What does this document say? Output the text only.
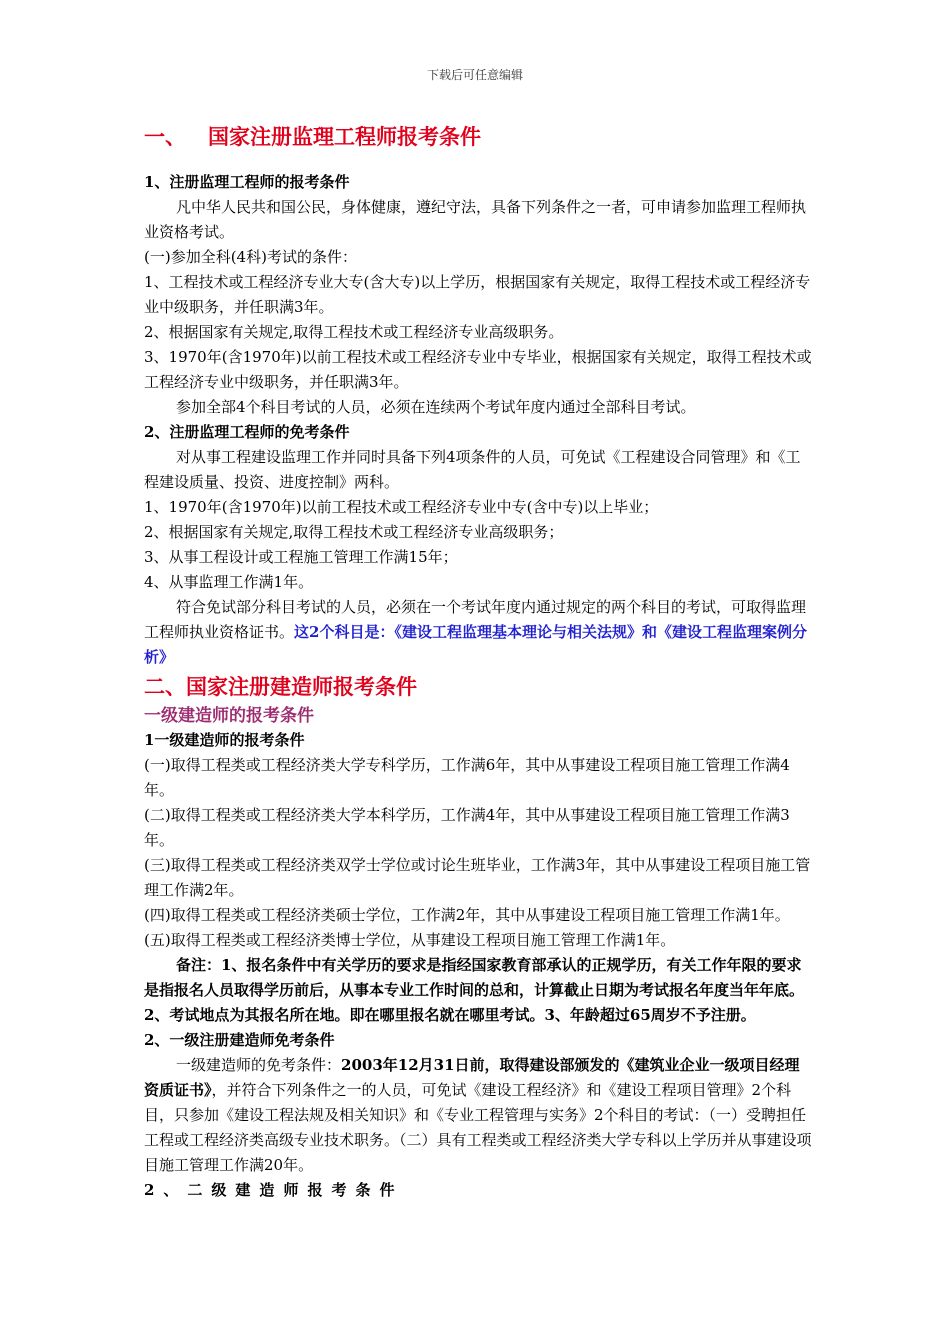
下载后可任意编辑

一、 国家注册监理工程师报考条件

1、注册监理工程师的报考条件

凡中华人民共和国公民，身体健康，遵纪守法，具备下列条件之一者，可申请参加监理工程师执业资格考试。

(一)参加全科(4科)考试的条件：

1、工程技术或工程经济专业大专(含大专)以上学历，根据国家有关规定，取得工程技术或工程经济专业中级职务，并任职满3年。

2、根据国家有关规定,取得工程技术或工程经济专业高级职务。

3、1970年(含1970年)以前工程技术或工程经济专业中专毕业，根据国家有关规定，取得工程技术或工程经济专业中级职务，并任职满3年。

参加全部4个科目考试的人员，必须在连续两个考试年度内通过全部科目考试。

2、注册监理工程师的免考条件

对从事工程建设监理工作并同时具备下列4项条件的人员，可免试《工程建设合同管理》和《工程建设质量、投资、进度控制》两科。

1、1970年(含1970年)以前工程技术或工程经济专业中专(含中专)以上毕业；

2、根据国家有关规定,取得工程技术或工程经济专业高级职务；

3、从事工程设计或工程施工管理工作满15年；

4、从事监理工作满1年。

符合免试部分科目考试的人员，必须在一个考试年度内通过规定的两个科目的考试，可取得监理工程师执业资格证书。这2个科目是：《建设工程监理基本理论与相关法规》和《建设工程监理案例分析》

二、国家注册建造师报考条件

一级建造师的报考条件

1一级建造师的报考条件

(一)取得工程类或工程经济类大学专科学历，工作满6年，其中从事建设工程项目施工管理工作满4年。

(二)取得工程类或工程经济类大学本科学历，工作满4年，其中从事建设工程项目施工管理工作满3年。

(三)取得工程类或工程经济类双学士学位或讨论生班毕业，工作满3年，其中从事建设工程项目施工管理工作满2年。

(四)取得工程类或工程经济类硕士学位，工作满2年，其中从事建设工程项目施工管理工作满1年。

(五)取得工程类或工程经济类博士学位，从事建设工程项目施工管理工作满1年。

备注：1、报名条件中有关学历的要求是指经国家教育部承认的正规学历，有关工作年限的要求是指报名人员取得学历前后，从事本专业工作时间的总和，计算截止日期为考试报名年度当年年底。2、考试地点为其报名所在地。即在哪里报名就在哪里考试。3、年龄超过65周岁不予注册。

2、一级注册建造师免考条件

一级建造师的免考条件：2003年12月31日前，取得建设部颁发的《建筑业企业一级项目经理资质证书》，并符合下列条件之一的人员，可免试《建设工程经济》和《建设工程项目管理》2个科目，只参加《建设工程法规及相关知识》和《专业工程管理与实务》2个科目的考试：（一）受聘担任工程或工程经济类高级专业技术职务。（二）具有工程类或工程经济类大学专科以上学历并从事建设项目施工管理工作满20年。

2、二级建造师报考条件
